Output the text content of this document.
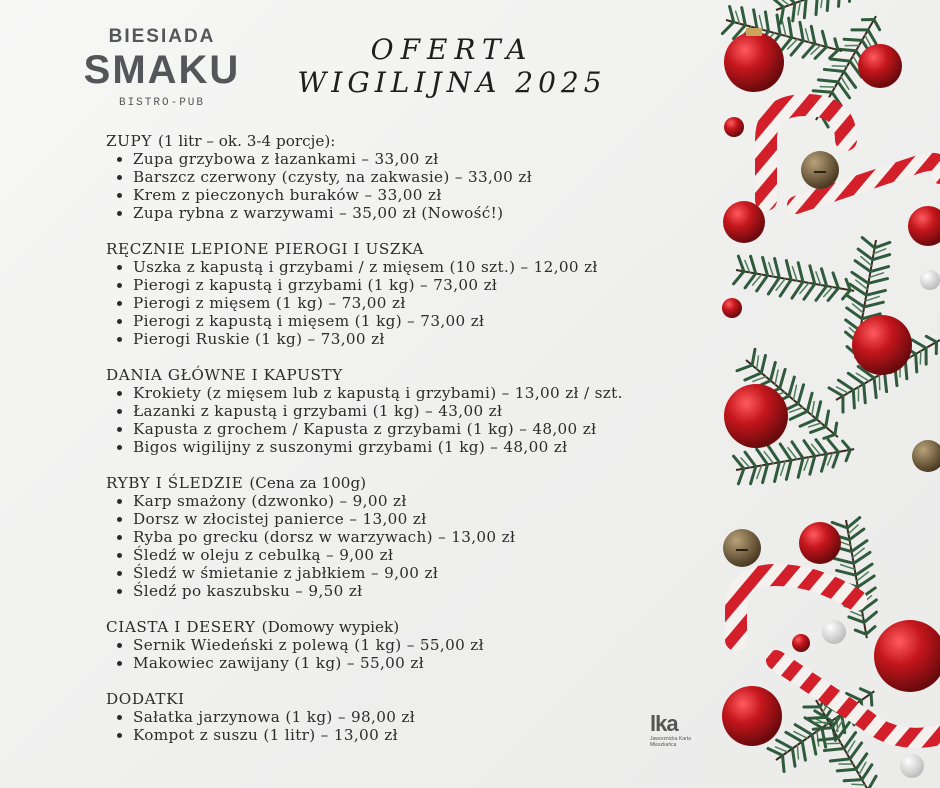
BIESIADA
SMAKU
BISTRO-PUB
OFERTA
WIGILIJNA 2025
ZUPY (1 litr – ok. 3-4 porcje):
Zupa grzybowa z łazankami – 33,00 zł
Barszcz czerwony (czysty, na zakwasie) – 33,00 zł
Krem z pieczonych buraków – 33,00 zł
Zupa rybna z warzywami – 35,00 zł (Nowość!)
RĘCZNIE LEPIONE PIEROGI I USZKA
Uszka z kapustą i grzybami / z mięsem (10 szt.) – 12,00 zł
Pierogi z kapustą i grzybami (1 kg) – 73,00 zł
Pierogi z mięsem (1 kg) – 73,00 zł
Pierogi z kapustą i mięsem (1 kg) – 73,00 zł
Pierogi Ruskie (1 kg) – 73,00 zł
DANIA GŁÓWNE I KAPUSTY
Krokiety (z mięsem lub z kapustą i grzybami) – 13,00 zł / szt.
Łazanki z kapustą i grzybami (1 kg) – 43,00 zł
Kapusta z grochem / Kapusta z grzybami (1 kg) – 48,00 zł
Bigos wigilijny z suszonymi grzybami (1 kg) – 48,00 zł
RYBY I ŚLEDZIE (Cena za 100g)
Karp smażony (dzwonko) – 9,00 zł
Dorsz w złocistej panierce – 13,00 zł
Ryba po grecku (dorsz w warzywach) – 13,00 zł
Śledź w oleju z cebulką – 9,00 zł
Śledź w śmietanie z jabłkiem – 9,00 zł
Śledź po kaszubsku – 9,50 zł
CIASTA I DESERY (Domowy wypiek)
Sernik Wiedeński z polewą (1 kg) – 55,00 zł
Makowiec zawijany (1 kg) – 55,00 zł
DODATKI
Sałatka jarzynowa (1 kg) – 98,00 zł
Kompot z suszu (1 litr) – 13,00 zł	lka
Jaworznicka Karta Mieszkańca
